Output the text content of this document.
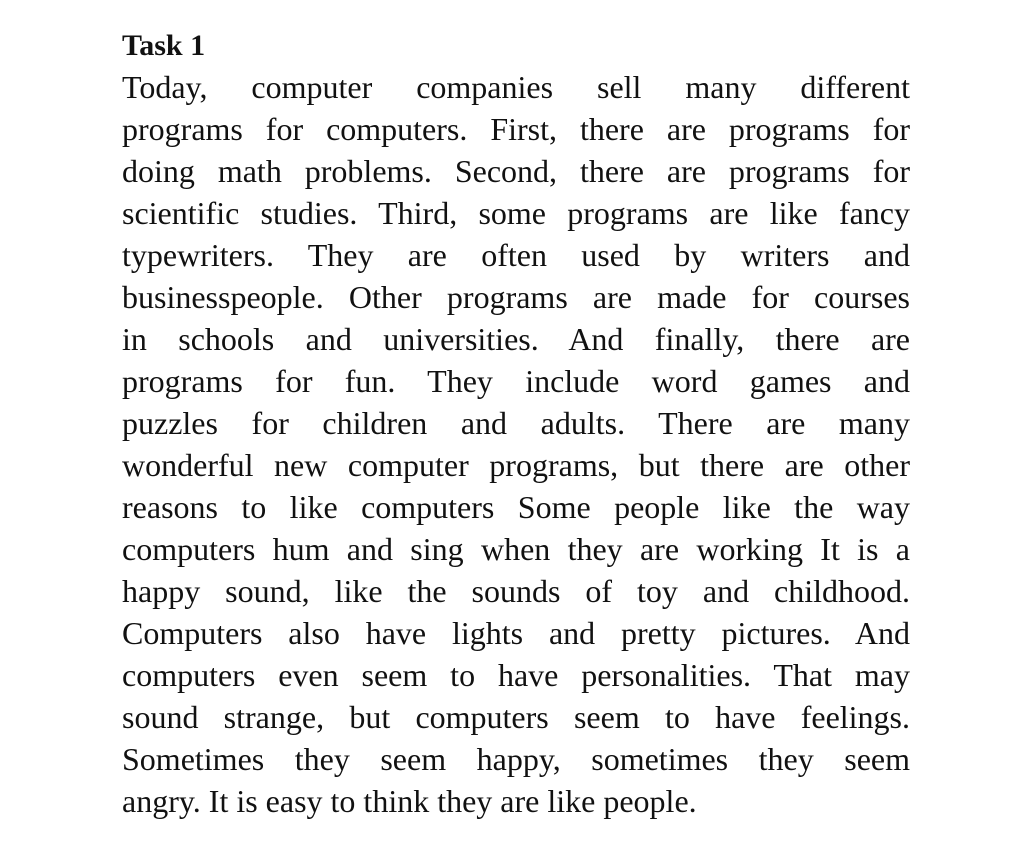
Task 1
Today, computer companies sell many different
programs for computers. First, there are programs for
doing math problems. Second, there are programs for
scientific studies. Third, some programs are like fancy
typewriters. They are often used by writers and
businesspeople. Other programs are made for courses
in schools and universities. And finally, there are
programs for fun. They include word games and
puzzles for children and adults. There are many
wonderful new computer programs, but there are other
reasons to like computers Some people like the way
computers hum and sing when they are working It is a
happy sound, like the sounds of toy and childhood.
Computers also have lights and pretty pictures. And
computers even seem to have personalities. That may
sound strange, but computers seem to have feelings.
Sometimes they seem happy, sometimes they seem
angry. It is easy to think they are like people.
